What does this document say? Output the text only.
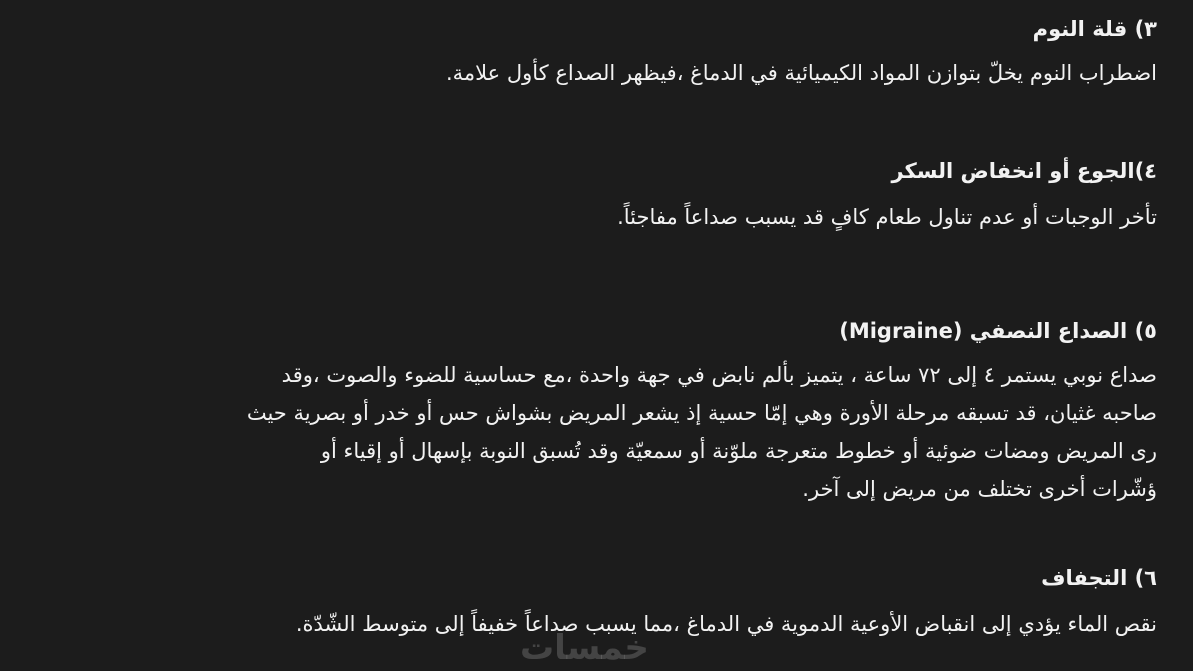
٣) قلة النوم

اضطراب النوم يخلّ بتوازن المواد الكيميائية في الدماغ ،فيظهر الصداع كأول علامة.

٤)الجوع أو انخفاض السكر

تأخر الوجبات أو عدم تناول طعام كافٍ قد يسبب صداعاً مفاجئاً.

٥) الصداع النصفي (Migraine)

صداع نوبي يستمر ٤ إلى ٧٢ ساعة ، يتميز بألم نابض في جهة واحدة ،مع حساسية للضوء والصوت ،وقد

صاحبه غثيان، قد تسبقه مرحلة الأورة وهي إمّا حسية إذ يشعر المريض بشواش حس أو خدر أو بصرية حيث

رى المريض ومضات ضوئية أو خطوط متعرجة ملوّنة أو سمعيّة وقد تُسبق النوبة بإسهال أو إقياء أو

ؤشّرات أخرى تختلف من مريض إلى آخر.

٦) التجفاف

نقص الماء يؤدي إلى انقباض الأوعية الدموية في الدماغ ،مما يسبب صداعاً خفيفاً إلى متوسط الشّدّة.

خمسات
